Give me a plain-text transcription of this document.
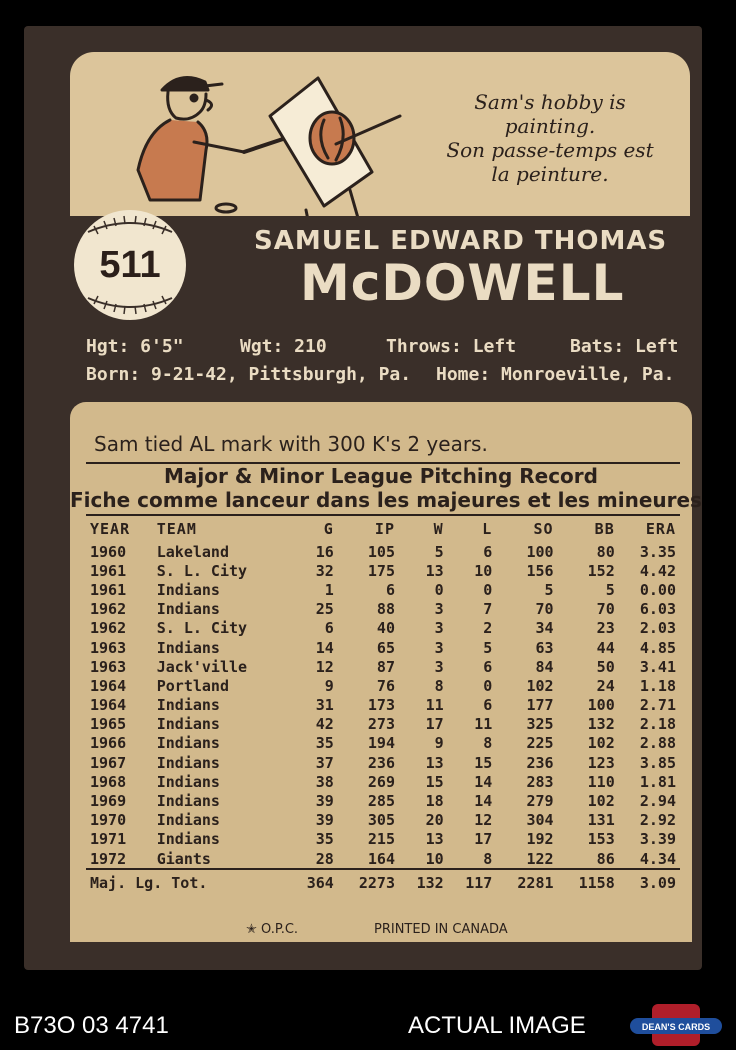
Sam's hobby is
painting.
Son passe-temps est
la peinture.
511
SAMUEL EDWARD THOMAS
McDOWELL
Hgt: 6'5"	Wgt: 210	Throws: Left	Bats: Left
Born: 9-21-42, Pittsburgh, Pa. Home: Monroeville, Pa.
Sam tied AL mark with 300 K's 2 years.
Major & Minor League Pitching Record
Fiche comme lanceur dans les majeures et les mineures
YEAR	TEAM	G	IP	W	L	SO	BB	ERA
1960	Lakeland	16	105	5	6	100	80	3.35
1961	S. L. City	32	175	13	10	156	152	4.42
1961	Indians	1	6	0	0	5	5	0.00
1962	Indians	25	88	3	7	70	70	6.03
1962	S. L. City	6	40	3	2	34	23	2.03
1963	Indians	14	65	3	5	63	44	4.85
1963	Jack'ville	12	87	3	6	84	50	3.41
1964	Portland	9	76	8	0	102	24	1.18
1964	Indians	31	173	11	6	177	100	2.71
1965	Indians	42	273	17	11	325	132	2.18
1966	Indians	35	194	9	8	225	102	2.88
1967	Indians	37	236	13	15	236	123	3.85
1968	Indians	38	269	15	14	283	110	1.81
1969	Indians	39	285	18	14	279	102	2.94
1970	Indians	39	305	20	12	304	131	2.92
1971	Indians	35	215	13	17	192	153	3.39
1972	Giants	28	164	10	8	122	86	4.34
Maj. Lg. Tot.		364	2273	132	117	2281	1158	3.09
✭ O.P.C.	PRINTED IN CANADA
B73O 03 4741	ACTUAL IMAGE	DEAN'S CARDS
